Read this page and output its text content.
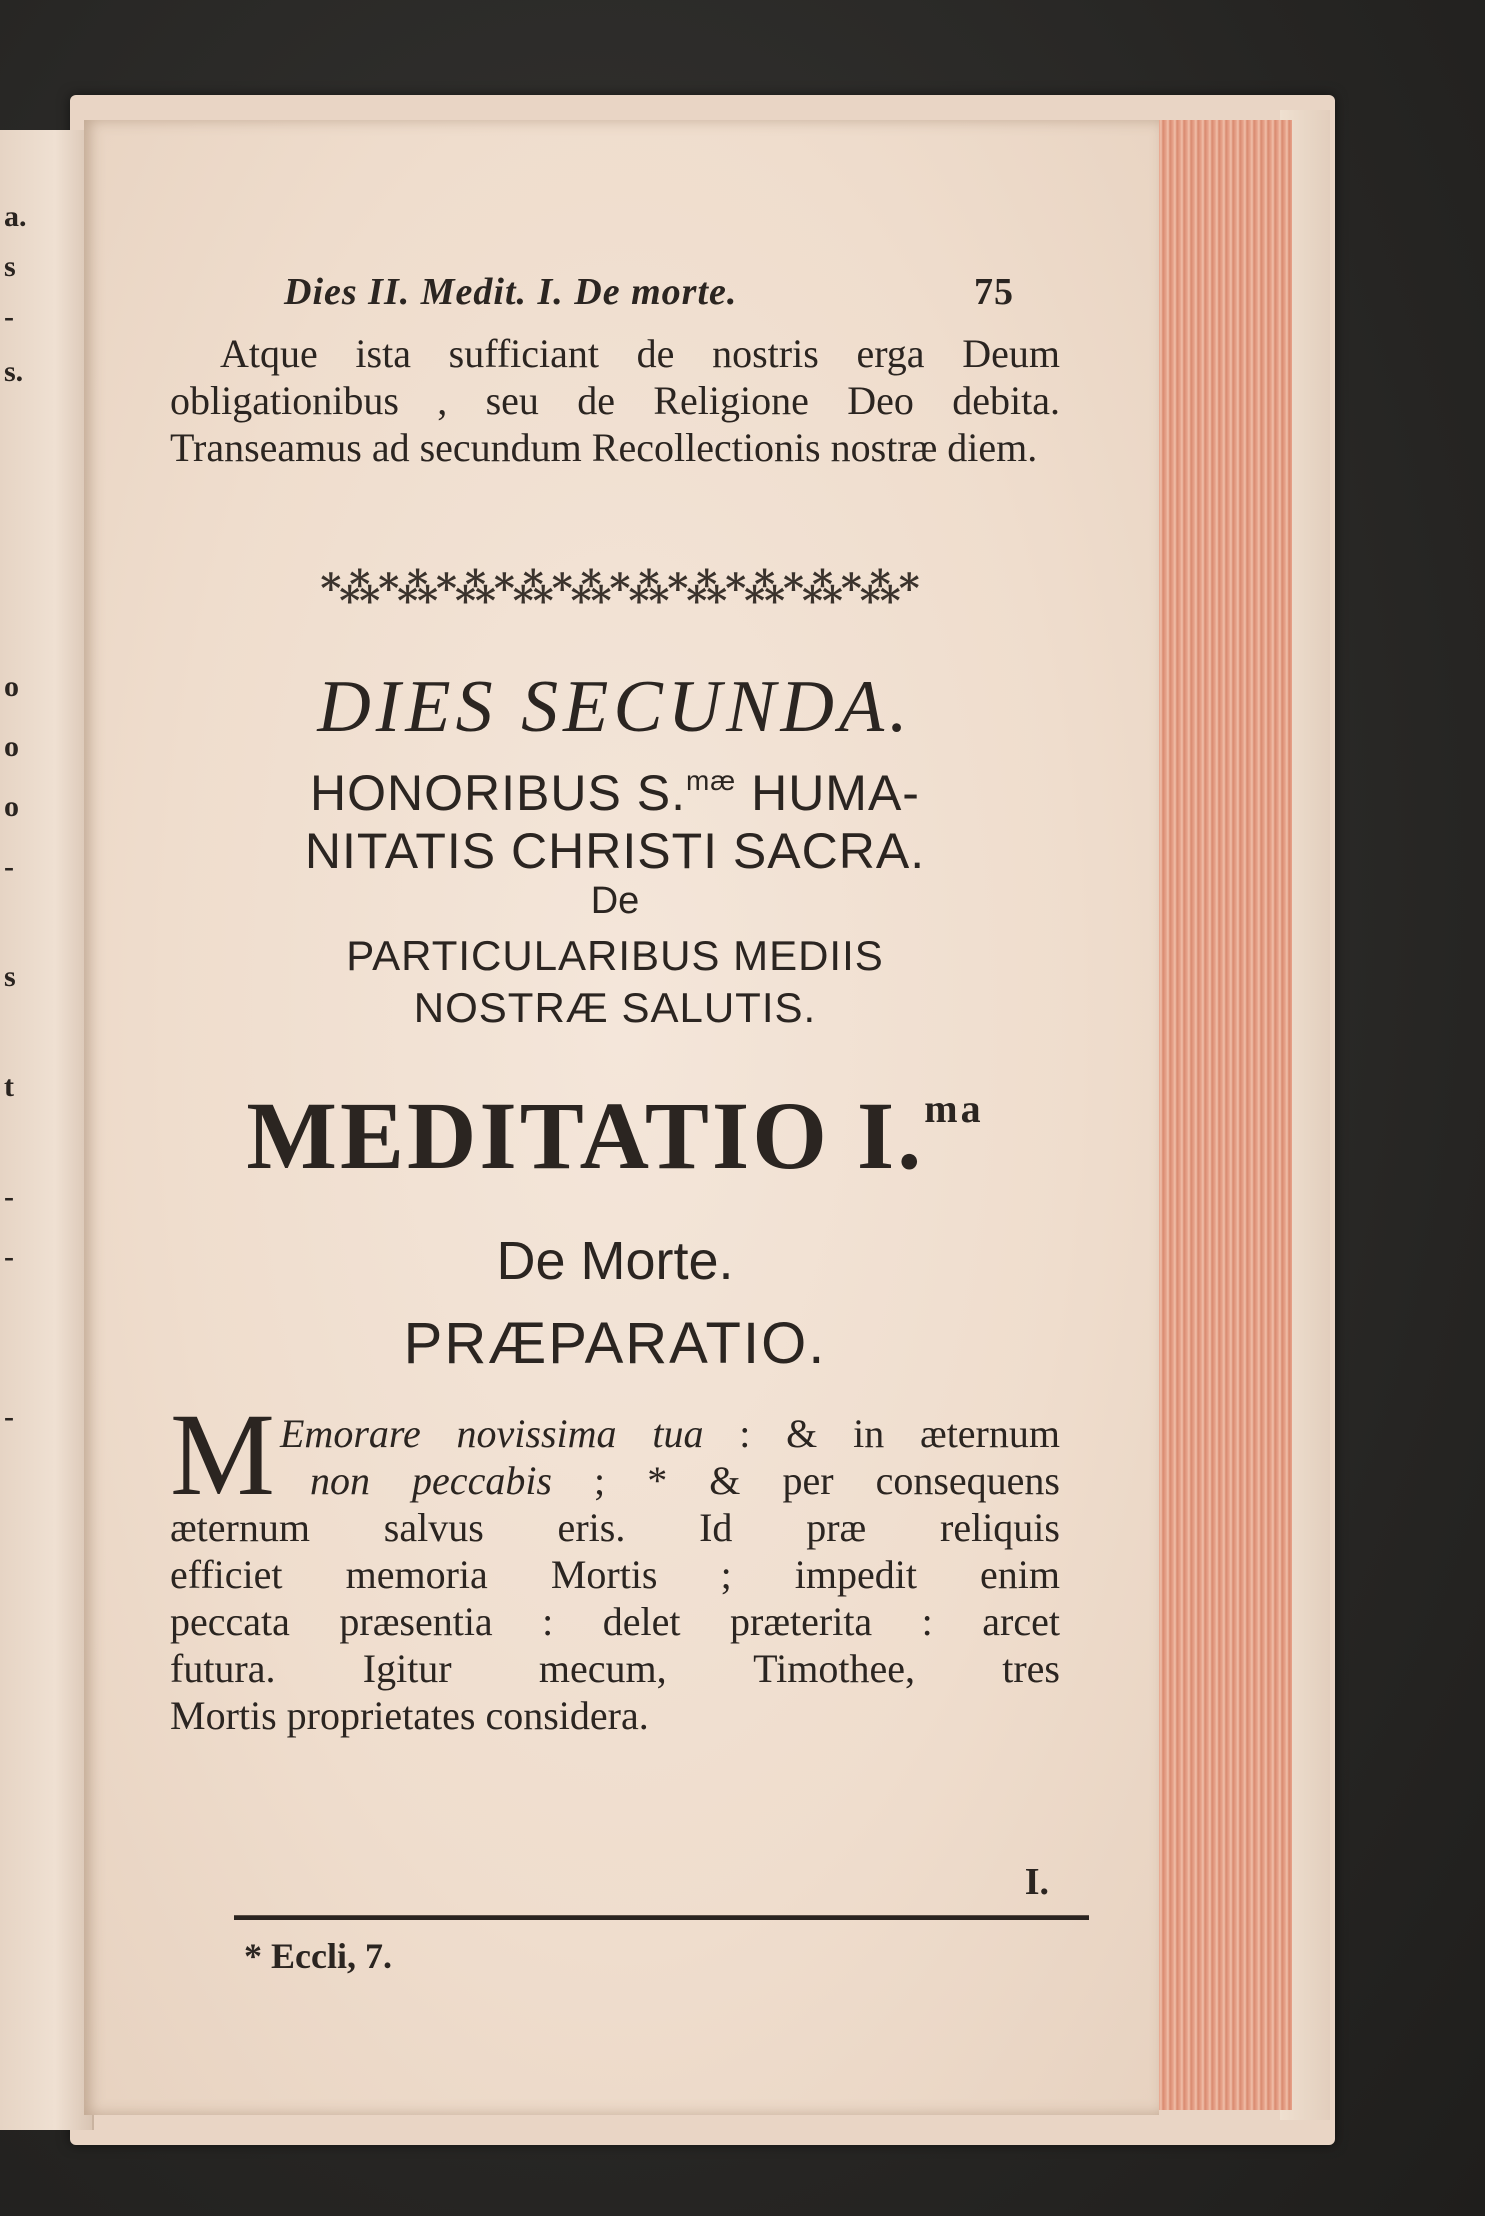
a.
s
-
s.
o
o
o
-
s
t
-
-
-
Dies II. Medit. I. De morte.	75
Atque ista sufficiant de nostris erga Deum obligationibus , seu de Religione Deo debita. Transeamus ad secundum Recollectionis nostræ diem.
*⁂*⁂*⁂*⁂*⁂*⁂*⁂*⁂*⁂*⁂*
DIES SECUNDA.
HONORIBUS S.$^{mæ}$ HUMA-
NITATIS CHRISTI SACRA.
De
PARTICULARIBUS MEDIIS
NOSTRÆ SALUTIS.
MEDITATIO I.$^{ma}$
De Morte.
PRÆPARATIO.
M Emorare novissima tua : & in æternum
non peccabis ; * & per consequens
æternum salvus eris. Id præ reliquis
efficiet memoria Mortis ; impedit enim
peccata præsentia : delet præterita : arcet
futura. Igitur mecum, Timothee, tres
Mortis proprietates considera.
I.
* Eccli, 7.
